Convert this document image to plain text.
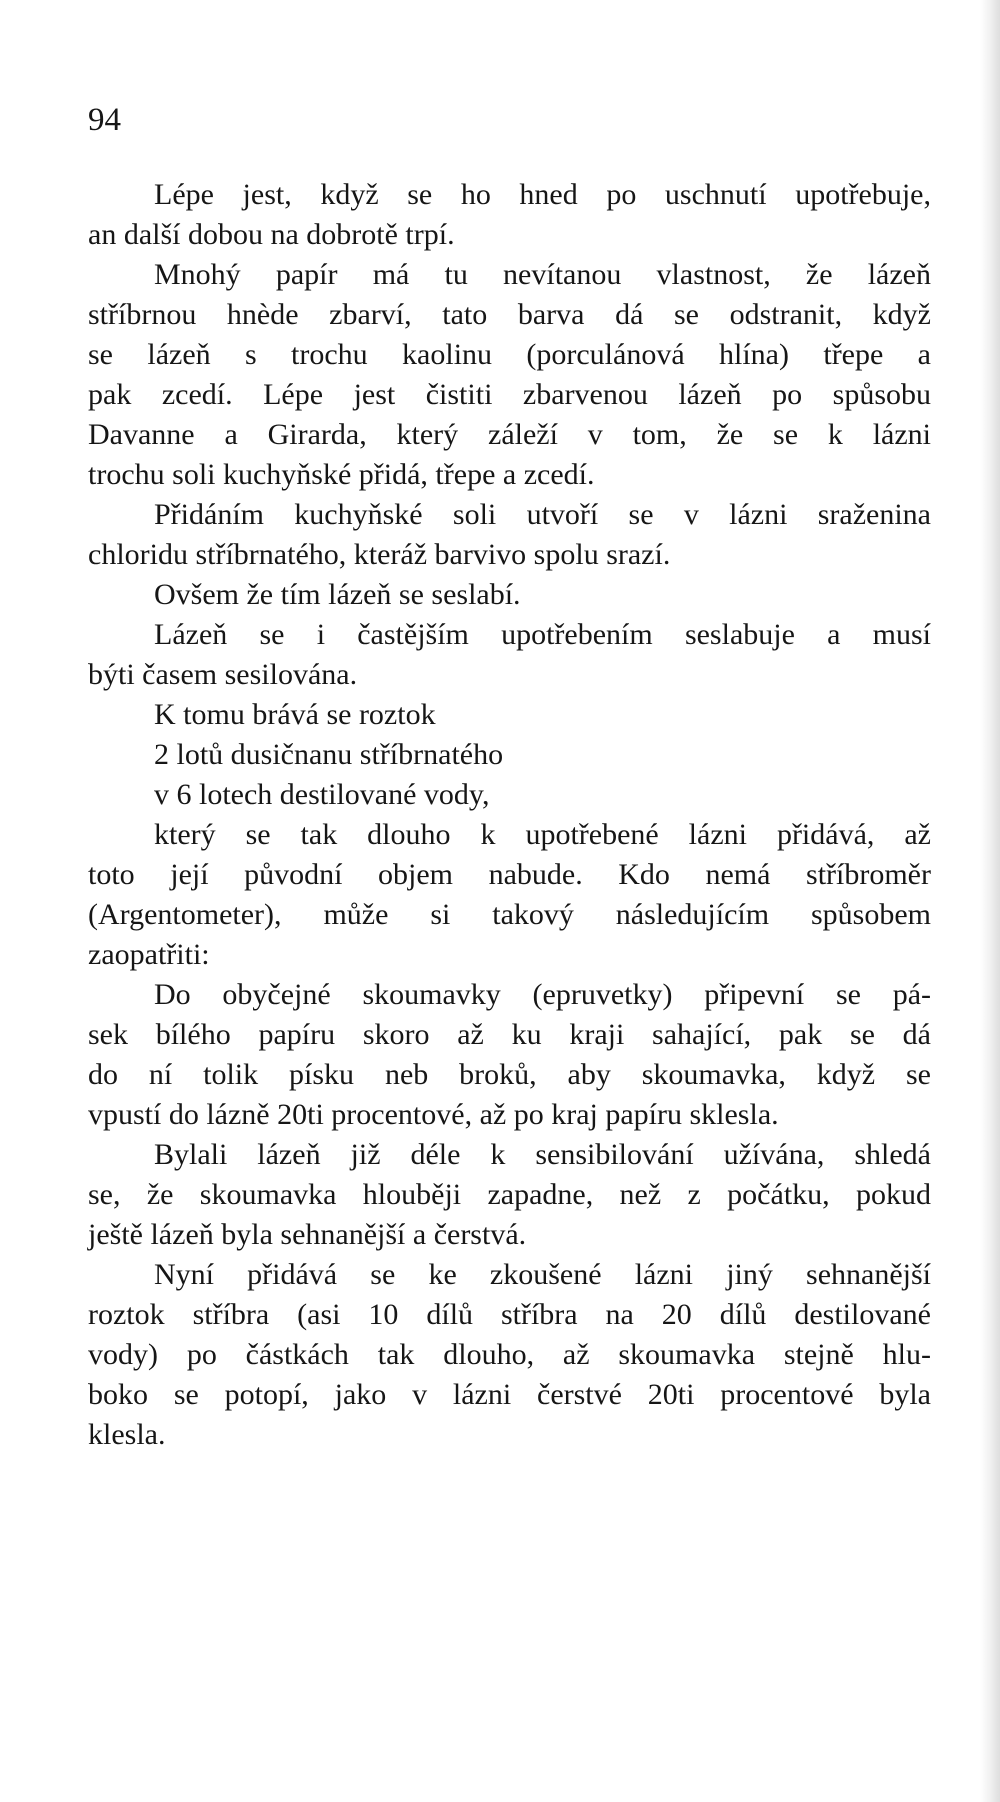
94
Lépe jest, když se ho hned po uschnutí upotřebuje,
an další dobou na dobrotě trpí.
Mnohý papír má tu nevítanou vlastnost, že lázeň
stříbrnou hnède zbarví, tato barva dá se odstranit, když
se lázeň s trochu kaolinu (porculánová hlína) třepe a
pak zcedí. Lépe jest čistiti zbarvenou lázeň po spůsobu
Davanne a Girarda, který záleží v tom, že se k lázni
trochu soli kuchyňské přidá, třepe a zcedí.
Přidáním kuchyňské soli utvoří se v lázni sraženina
chloridu stříbrnatého, kteráž barvivo spolu srazí.
Ovšem že tím lázeň se seslabí.
Lázeň se i častějším upotřebením seslabuje a musí
býti časem sesilována.
K tomu brává se roztok
2 lotů dusičnanu stříbrnatého
v 6 lotech destilované vody,
který se tak dlouho k upotřebené lázni přidává, až
toto její původní objem nabude. Kdo nemá stříbroměr
(Argentometer), může si takový následujícím spůsobem
zaopatřiti:
Do obyčejné skoumavky (epruvetky) připevní se pá-
sek bílého papíru skoro až ku kraji sahající, pak se dá
do ní tolik písku neb broků, aby skoumavka, když se
vpustí do lázně 20ti procentové, až po kraj papíru sklesla.
Bylali lázeň již déle k sensibilování užívána, shledá
se, že skoumavka hlouběji zapadne, než z počátku, pokud
ještě lázeň byla sehnanější a čerstvá.
Nyní přidává se ke zkoušené lázni jiný sehnanější
roztok stříbra (asi 10 dílů stříbra na 20 dílů destilované
vody) po částkách tak dlouho, až skoumavka stejně hlu-
boko se potopí, jako v lázni čerstvé 20ti procentové byla
klesla.
